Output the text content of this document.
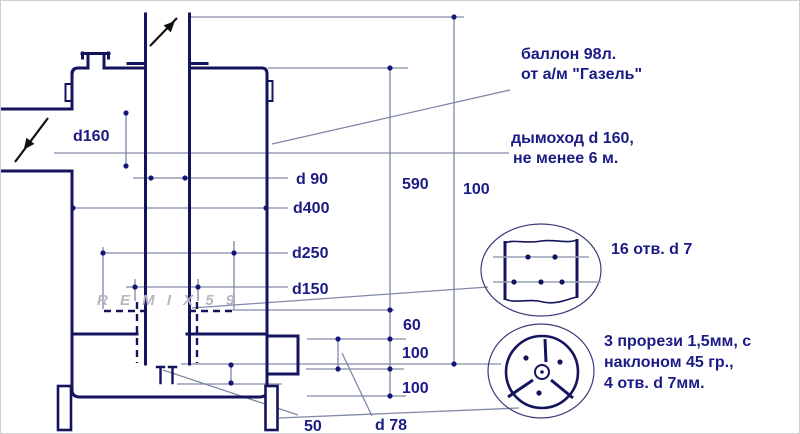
баллон 98л.
от а/м "Газель"
дымоход d 160,
не менее 6 м.
d160
d 90
d400
d250
d150
590 100
60
100
100
50	d 78
16 отв. d 7
3 прорези 1,5мм, с
наклоном 45 гр.,
4 отв. d 7мм.
R E M I X 5 9
